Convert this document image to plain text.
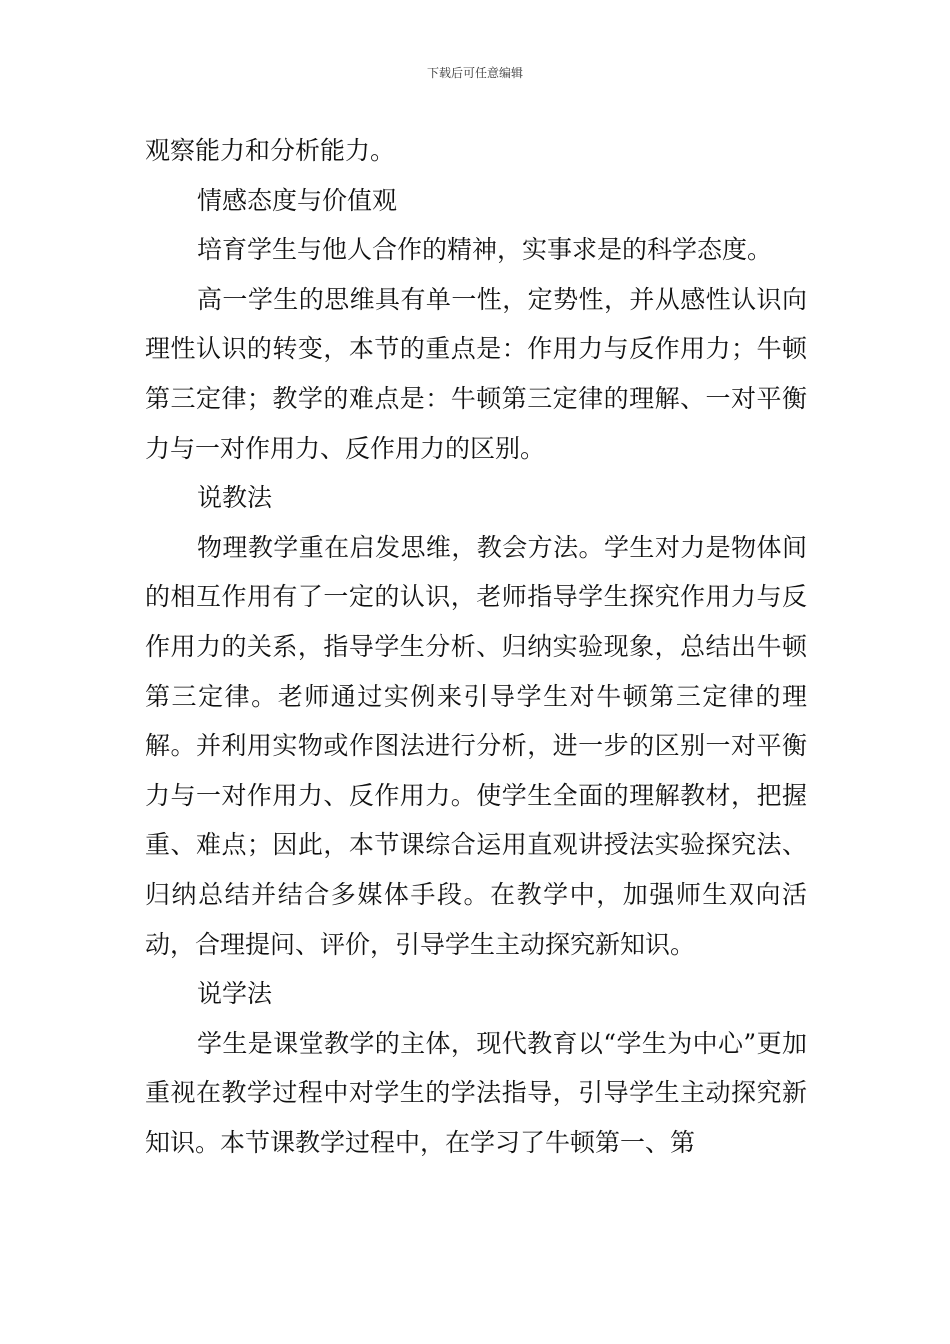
下载后可任意编辑

观察能力和分析能力。

情感态度与价值观

培育学生与他人合作的精神，实事求是的科学态度。

高一学生的思维具有单一性，定势性，并从感性认识向理性认识的转变，本节的重点是：作用力与反作用力；牛顿第三定律；教学的难点是：牛顿第三定律的理解、一对平衡力与一对作用力、反作用力的区别。

说教法

物理教学重在启发思维，教会方法。学生对力是物体间的相互作用有了一定的认识，老师指导学生探究作用力与反作用力的关系，指导学生分析、归纳实验现象，总结出牛顿第三定律。老师通过实例来引导学生对牛顿第三定律的理解。并利用实物或作图法进行分析，进一步的区别一对平衡力与一对作用力、反作用力。使学生全面的理解教材，把握重、难点；因此，本节课综合运用直观讲授法实验探究法、归纳总结并结合多媒体手段。在教学中，加强师生双向活动，合理提问、评价，引导学生主动探究新知识。

说学法

学生是课堂教学的主体，现代教育以“学生为中心”更加重视在教学过程中对学生的学法指导，引导学生主动探究新知识。本节课教学过程中，在学习了牛顿第一、第
